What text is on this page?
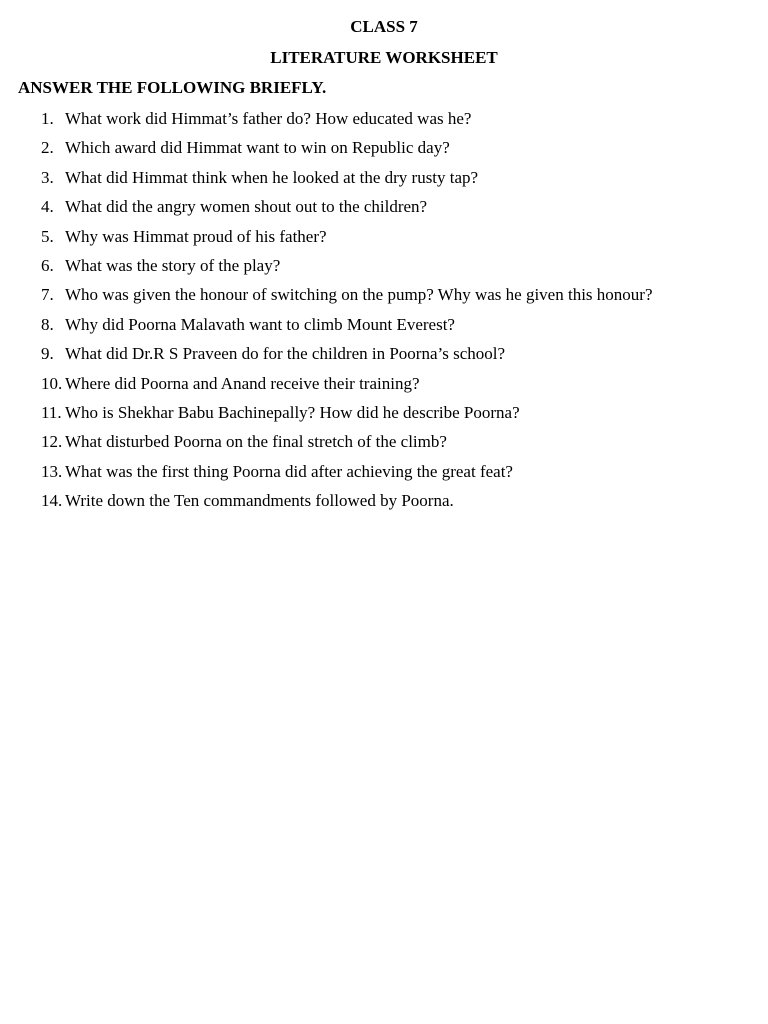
CLASS 7
LITERATURE WORKSHEET
ANSWER THE FOLLOWING BRIEFLY.
1. What work did Himmat’s father do? How educated was he?
2. Which award did Himmat want to win on Republic day?
3. What did Himmat think when he looked at the dry rusty tap?
4. What did the angry women shout out to the children?
5. Why was Himmat proud of his father?
6. What was the story of the play?
7. Who was given the honour of switching on the pump? Why was he given this honour?
8. Why did Poorna Malavath want to climb Mount Everest?
9. What did Dr.R S Praveen do for the children in Poorna’s school?
10. Where did Poorna and Anand receive their training?
11. Who is Shekhar Babu Bachinepally? How did he describe Poorna?
12. What disturbed Poorna on the final stretch of the climb?
13. What was the first thing Poorna did after achieving the great feat?
14. Write down the Ten commandments followed by Poorna.
